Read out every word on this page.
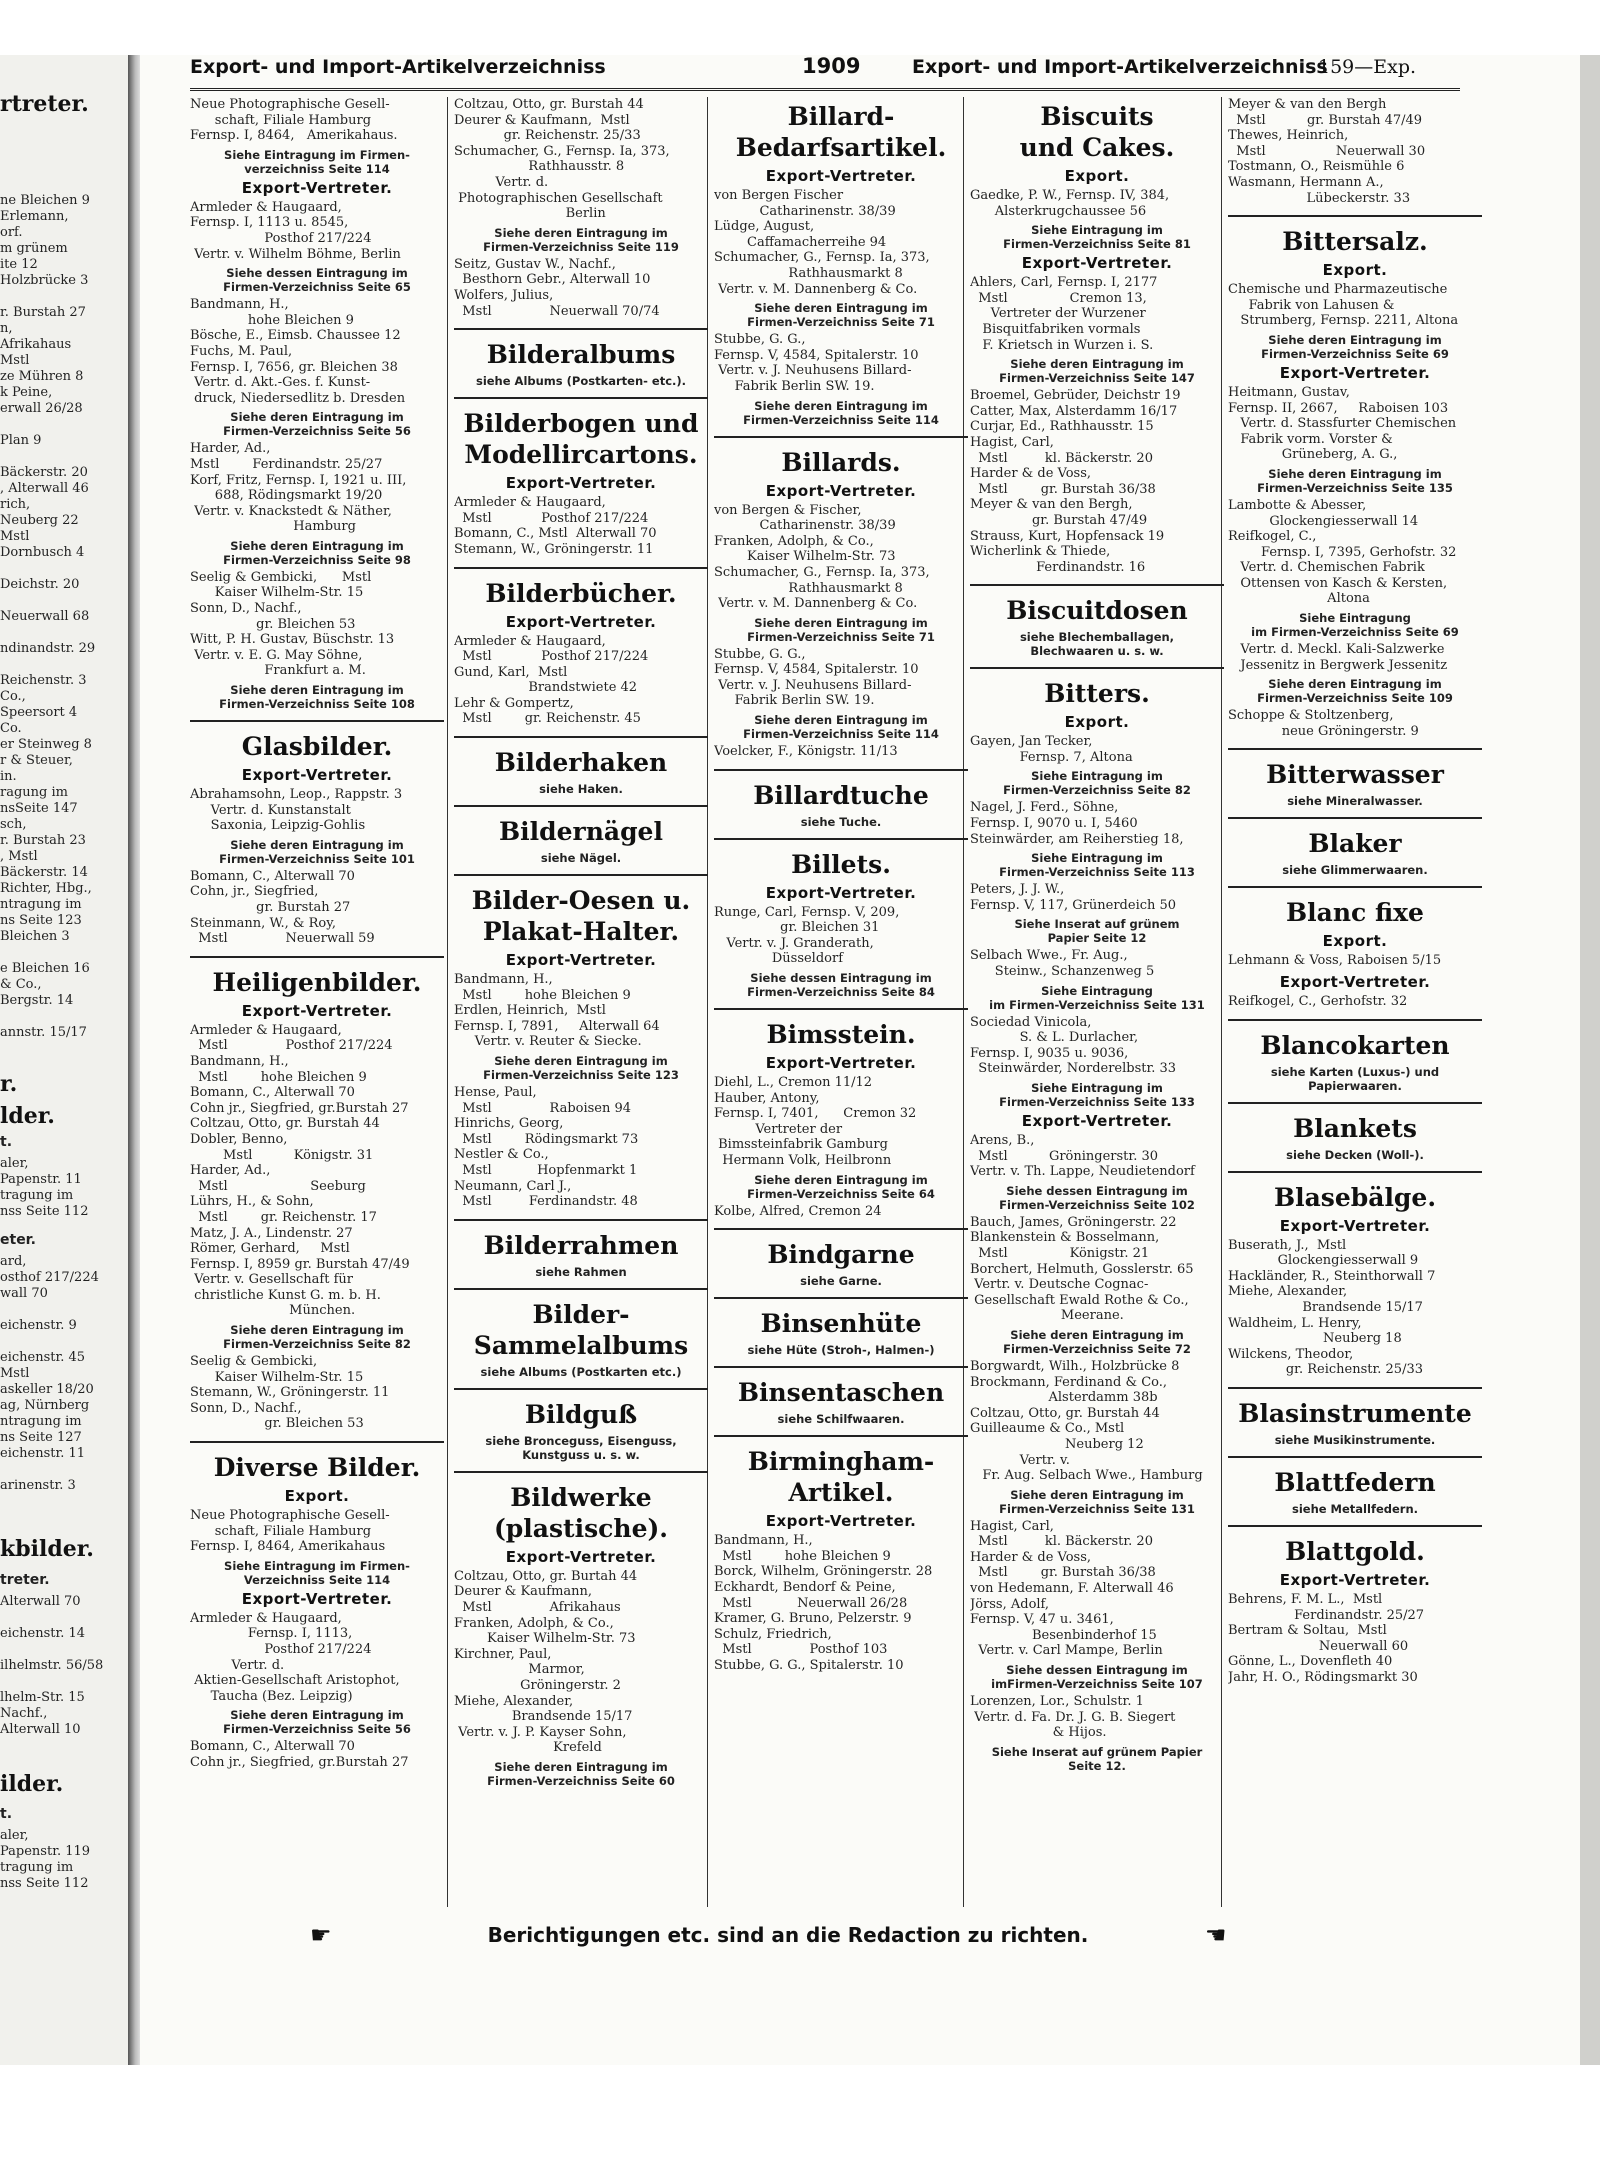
rtreter.
ne Bleichen 9
Erlemann,
orf.
m grünem
ite 12
Holzbrücke 3
r. Burstah 27
n,
Afrikahaus
Mstl
ze Mühren 8
k Peine,
erwall 26/28
Plan 9
Bäckerstr. 20
, Alterwall 46
rich,
Neuberg 22
Mstl
Dornbusch 4
Deichstr. 20
Neuerwall 68
ndinandstr. 29
Reichenstr. 3
Co.,
Speersort 4
Co.
er Steinweg 8
r & Steuer,
in.
ragung im
nsSeite 147
sch,
r. Burstah 23
, Mstl
Bäckerstr. 14
Richter, Hbg.,
ntragung im
ns Seite 123
Bleichen 3
e Bleichen 16
& Co.,
Bergstr. 14
annstr. 15/17
r.
lder.
t.
aler,
Papenstr. 11
tragung im
nss Seite 112
eter.
ard,
osthof 217/224
wall 70
eichenstr. 9
eichenstr. 45
Mstl
askeller 18/20
ag, Nürnberg
ntragung im
ns Seite 127
eichenstr. 11
arinenstr. 3
kbilder.
treter.
Alterwall 70
eichenstr. 14
ilhelmstr. 56/58
lhelm-Str. 15
Nachf.,
Alterwall 10
ilder.
t.
aler,
Papenstr. 119
tragung im
nss Seite 112
Export- und Import-Artikelverzeichniss	1909	Export- und Import-Artikelverzeichniss
159—Exp.
Neue Photographische Gesell-
schaft, Filiale Hamburg
Fernsp. I, 8464,   Amerikahaus.
Siehe Eintragung im Firmen-
verzeichniss Seite 114
Export-Vertreter.
Armleder & Haugaard,
Fernsp. I, 1113 u. 8545,
Posthof 217/224
Vertr. v. Wilhelm Böhme, Berlin
Siehe dessen Eintragung im
Firmen-Verzeichniss Seite 65
Bandmann, H.,
hohe Bleichen 9
Bösche, E., Eimsb. Chaussee 12
Fuchs, M. Paul,
Fernsp. I, 7656, gr. Bleichen 38
Vertr. d. Akt.-Ges. f. Kunst-
druck, Niedersedlitz b. Dresden
Siehe deren Eintragung im
Firmen-Verzeichniss Seite 56
Harder, Ad.,
Mstl        Ferdinandstr. 25/27
Korf, Fritz, Fernsp. I, 1921 u. III,
688, Rödingsmarkt 19/20
Vertr. v. Knackstedt & Näther,
Hamburg
Siehe deren Eintragung im
Firmen-Verzeichniss Seite 98
Seelig & Gembicki,      Mstl
Kaiser Wilhelm-Str. 15
Sonn, D., Nachf.,
gr. Bleichen 53
Witt, P. H. Gustav, Büschstr. 13
Vertr. v. E. G. May Söhne,
Frankfurt a. M.
Siehe deren Eintragung im
Firmen-Verzeichniss Seite 108
Glasbilder.
Export-Vertreter.
Abrahamsohn, Leop., Rappstr. 3
Vertr. d. Kunstanstalt
Saxonia, Leipzig-Gohlis
Siehe deren Eintragung im
Firmen-Verzeichniss Seite 101
Bomann, C., Alterwall 70
Cohn, jr., Siegfried,
gr. Burstah 27
Steinmann, W., & Roy,
Mstl              Neuerwall 59
Heiligenbilder.
Export-Vertreter.
Armleder & Haugaard,
Mstl              Posthof 217/224
Bandmann, H.,
Mstl        hohe Bleichen 9
Bomann, C., Alterwall 70
Cohn jr., Siegfried, gr.Burstah 27
Coltzau, Otto, gr. Burstah 44
Dobler, Benno,
Mstl          Königstr. 31
Harder, Ad.,
Mstl                    Seeburg
Lührs, H., & Sohn,
Mstl        gr. Reichenstr. 17
Matz, J. A., Lindenstr. 27
Römer, Gerhard,     Mstl
Fernsp. I, 8959 gr. Burstah 47/49
Vertr. v. Gesellschaft für
christliche Kunst G. m. b. H.
München.
Siehe deren Eintragung im
Firmen-Verzeichniss Seite 82
Seelig & Gembicki,
Kaiser Wilhelm-Str. 15
Stemann, W., Gröningerstr. 11
Sonn, D., Nachf.,
gr. Bleichen 53
Diverse Bilder.
Export.
Neue Photographische Gesell-
schaft, Filiale Hamburg
Fernsp. I, 8464, Amerikahaus
Siehe Eintragung im Firmen-
Verzeichniss Seite 114
Export-Vertreter.
Armleder & Haugaard,
Fernsp. I, 1113,
Posthof 217/224
Vertr. d.
Aktien-Gesellschaft Aristophot,
Taucha (Bez. Leipzig)
Siehe deren Eintragung im
Firmen-Verzeichniss Seite 56
Bomann, C., Alterwall 70
Cohn jr., Siegfried, gr.Burstah 27
Coltzau, Otto, gr. Burstah 44
Deurer & Kaufmann,  Mstl
gr. Reichenstr. 25/33
Schumacher, G., Fernsp. Ia, 373,
Rathhausstr. 8
Vertr. d.
Photographischen Gesellschaft
Berlin
Siehe deren Eintragung im
Firmen-Verzeichniss Seite 119
Seitz, Gustav W., Nachf.,
Besthorn Gebr., Alterwall 10
Wolfers, Julius,
Mstl              Neuerwall 70/74
Bilderalbums
siehe Albums (Postkarten- etc.).
Bilderbogen und
Modellircartons.
Export-Vertreter.
Armleder & Haugaard,
Mstl            Posthof 217/224
Bomann, C., Mstl  Alterwall 70
Stemann, W., Gröningerstr. 11
Bilderbücher.
Export-Vertreter.
Armleder & Haugaard,
Mstl            Posthof 217/224
Gund, Karl,  Mstl
Brandstwiete 42
Lehr & Gompertz,
Mstl        gr. Reichenstr. 45
Bilderhaken
siehe Haken.
Bildernägel
siehe Nägel.
Bilder-Oesen u.
Plakat-Halter.
Export-Vertreter.
Bandmann, H.,
Mstl        hohe Bleichen 9
Erdlen, Heinrich,  Mstl
Fernsp. I, 7891,     Alterwall 64
Vertr. v. Reuter & Siecke.
Siehe deren Eintragung im
Firmen-Verzeichniss Seite 123
Hense, Paul,
Mstl              Raboisen 94
Hinrichs, Georg,
Mstl        Rödingsmarkt 73
Nestler & Co.,
Mstl           Hopfenmarkt 1
Neumann, Carl J.,
Mstl         Ferdinandstr. 48
Bilderrahmen
siehe Rahmen
Bilder-Sammelalbums
siehe Albums (Postkarten etc.)
Bildguß
siehe Bronceguss, Eisenguss,
Kunstguss u. s. w.
Bildwerke
(plastische).
Export-Vertreter.
Coltzau, Otto, gr. Burtah 44
Deurer & Kaufmann,
Mstl              Afrikahaus
Franken, Adolph, & Co.,
Kaiser Wilhelm-Str. 73
Kirchner, Paul,
Marmor,
Gröningerstr. 2
Miehe, Alexander,
Brandsende 15/17
Vertr. v. J. P. Kayser Sohn,
Krefeld
Siehe deren Eintragung im
Firmen-Verzeichniss Seite 60
Billard-
Bedarfsartikel.
Export-Vertreter.
von Bergen Fischer
Catharinenstr. 38/39
Lüdge, August,
Caffamacherreihe 94
Schumacher, G., Fernsp. Ia, 373,
Rathhausmarkt 8
Vertr. v. M. Dannenberg & Co.
Siehe deren Eintragung im
Firmen-Verzeichniss Seite 71
Stubbe, G. G.,
Fernsp. V, 4584, Spitalerstr. 10
Vertr. v. J. Neuhusens Billard-
Fabrik Berlin SW. 19.
Siehe deren Eintragung im
Firmen-Verzeichniss Seite 114
Billards.
Export-Vertreter.
von Bergen & Fischer,
Catharinenstr. 38/39
Franken, Adolph, & Co.,
Kaiser Wilhelm-Str. 73
Schumacher, G., Fernsp. Ia, 373,
Rathhausmarkt 8
Vertr. v. M. Dannenberg & Co.
Siehe deren Eintragung im
Firmen-Verzeichniss Seite 71
Stubbe, G. G.,
Fernsp. V, 4584, Spitalerstr. 10
Vertr. v. J. Neuhusens Billard-
Fabrik Berlin SW. 19.
Siehe deren Eintragung im
Firmen-Verzeichniss Seite 114
Voelcker, F., Königstr. 11/13
Billardtuche
siehe Tuche.
Billets.
Export-Vertreter.
Runge, Carl, Fernsp. V, 209,
gr. Bleichen 31
Vertr. v. J. Granderath,
Düsseldorf
Siehe dessen Eintragung im
Firmen-Verzeichniss Seite 84
Bimsstein.
Export-Vertreter.
Diehl, L., Cremon 11/12
Hauber, Antony,
Fernsp. I, 7401,      Cremon 32
Vertreter der
Bimssteinfabrik Gamburg
Hermann Volk, Heilbronn
Siehe deren Eintragung im
Firmen-Verzeichniss Seite 64
Kolbe, Alfred, Cremon 24
Bindgarne
siehe Garne.
Binsenhüte
siehe Hüte (Stroh-, Halmen-)
Binsentaschen
siehe Schilfwaaren.
Birmingham-
Artikel.
Export-Vertreter.
Bandmann, H.,
Mstl        hohe Bleichen 9
Borck, Wilhelm, Gröningerstr. 28
Eckhardt, Bendorf & Peine,
Mstl           Neuerwall 26/28
Kramer, G. Bruno, Pelzerstr. 9
Schulz, Friedrich,
Mstl              Posthof 103
Stubbe, G. G., Spitalerstr. 10
Biscuits
und Cakes.
Export.
Gaedke, P. W., Fernsp. IV, 384,
Alsterkrugchaussee 56
Siehe Eintragung im
Firmen-Verzeichniss Seite 81
Export-Vertreter.
Ahlers, Carl, Fernsp. I, 2177
Mstl               Cremon 13,
Vertreter der Wurzener
Bisquitfabriken vormals
F. Krietsch in Wurzen i. S.
Siehe deren Eintragung im
Firmen-Verzeichniss Seite 147
Broemel, Gebrüder, Deichstr 19
Catter, Max, Alsterdamm 16/17
Curjar, Ed., Rathhausstr. 15
Hagist, Carl,
Mstl         kl. Bäckerstr. 20
Harder & de Voss,
Mstl        gr. Burstah 36/38
Meyer & van den Bergh,
gr. Burstah 47/49
Strauss, Kurt, Hopfensack 19
Wicherlink & Thiede,
Ferdinandstr. 16
Biscuitdosen
siehe Blechemballagen,
Blechwaaren u. s. w.
Bitters.
Export.
Gayen, Jan Tecker,
Fernsp. 7, Altona
Siehe Eintragung im
Firmen-Verzeichniss Seite 82
Nagel, J. Ferd., Söhne,
Fernsp. I, 9070 u. I, 5460
Steinwärder, am Reiherstieg 18,
Siehe Eintragung im
Firmen-Verzeichniss Seite 113
Peters, J. J. W.,
Fernsp. V, 117, Grünerdeich 50
Siehe Inserat auf grünem
Papier Seite 12
Selbach Wwe., Fr. Aug.,
Steinw., Schanzenweg 5
Siehe Eintragung
im Firmen-Verzeichniss Seite 131
Sociedad Vinicola,
S. & L. Durlacher,
Fernsp. I, 9035 u. 9036,
Steinwärder, Norderelbstr. 33
Siehe Eintragung im
Firmen-Verzeichniss Seite 133
Export-Vertreter.
Arens, B.,
Mstl          Gröningerstr. 30
Vertr. v. Th. Lappe, Neudietendorf
Siehe dessen Eintragung im
Firmen-Verzeichniss Seite 102
Bauch, James, Gröningerstr. 22
Blankenstein & Bosselmann,
Mstl               Königstr. 21
Borchert, Helmuth, Gosslerstr. 65
Vertr. v. Deutsche Cognac-
Gesellschaft Ewald Rothe & Co.,
Meerane.
Siehe deren Eintragung im
Firmen-Verzeichniss Seite 72
Borgwardt, Wilh., Holzbrücke 8
Brockmann, Ferdinand & Co.,
Alsterdamm 38b
Coltzau, Otto, gr. Burstah 44
Guilleaume & Co., Mstl
Neuberg 12
Vertr. v.
Fr. Aug. Selbach Wwe., Hamburg
Siehe deren Eintragung im
Firmen-Verzeichniss Seite 131
Hagist, Carl,
Mstl         kl. Bäckerstr. 20
Harder & de Voss,
Mstl        gr. Burstah 36/38
von Hedemann, F. Alterwall 46
Jörss, Adolf,
Fernsp. V, 47 u. 3461,
Besenbinderhof 15
Vertr. v. Carl Mampe, Berlin
Siehe dessen Eintragung im
imFirmen-Verzeichniss Seite 107
Lorenzen, Lor., Schulstr. 1
Vertr. d. Fa. Dr. J. G. B. Siegert
& Hijos.
Siehe Inserat auf grünem Papier
Seite 12.
Meyer & van den Bergh
Mstl          gr. Burstah 47/49
Thewes, Heinrich,
Mstl                 Neuerwall 30
Tostmann, O., Reismühle 6
Wasmann, Hermann A.,
Lübeckerstr. 33
Bittersalz.
Export.
Chemische und Pharmazeutische
Fabrik von Lahusen &
Strumberg, Fernsp. 2211, Altona
Siehe deren Eintragung im
Firmen-Verzeichniss Seite 69
Export-Vertreter.
Heitmann, Gustav,
Fernsp. II, 2667,     Raboisen 103
Vertr. d. Stassfurter Chemischen
Fabrik vorm. Vorster &
Grüneberg, A. G.,
Siehe deren Eintragung im
Firmen-Verzeichniss Seite 135
Lambotte & Abesser,
Glockengiesserwall 14
Reifkogel, C.,
Fernsp. I, 7395, Gerhofstr. 32
Vertr. d. Chemischen Fabrik
Ottensen von Kasch & Kersten,
Altona
Siehe Eintragung
im Firmen-Verzeichniss Seite 69
Vertr. d. Meckl. Kali-Salzwerke
Jessenitz in Bergwerk Jessenitz
Siehe deren Eintragung im
Firmen-Verzeichniss Seite 109
Schoppe & Stoltzenberg,
neue Gröningerstr. 9
Bitterwasser
siehe Mineralwasser.
Blaker
siehe Glimmerwaaren.
Blanc fixe
Export.
Lehmann & Voss, Raboisen 5/15
Export-Vertreter.
Reifkogel, C., Gerhofstr. 32
Blancokarten
siehe Karten (Luxus-) und
Papierwaaren.
Blankets
siehe Decken (Woll-).
Blasebälge.
Export-Vertreter.
Buserath, J.,  Mstl
Glockengiesserwall 9
Hackländer, R., Steinthorwall 7
Miehe, Alexander,
Brandsende 15/17
Waldheim, L. Henry,
Neuberg 18
Wilckens, Theodor,
gr. Reichenstr. 25/33
Blasinstrumente
siehe Musikinstrumente.
Blattfedern
siehe Metallfedern.
Blattgold.
Export-Vertreter.
Behrens, F. M. L.,  Mstl
Ferdinandstr. 25/27
Bertram & Soltau,  Mstl
Neuerwall 60
Gönne, L., Dovenfleth 40
Jahr, H. O., Rödingsmarkt 30
☛	Berichtigungen etc. sind an die Redaction zu richten.	☛
